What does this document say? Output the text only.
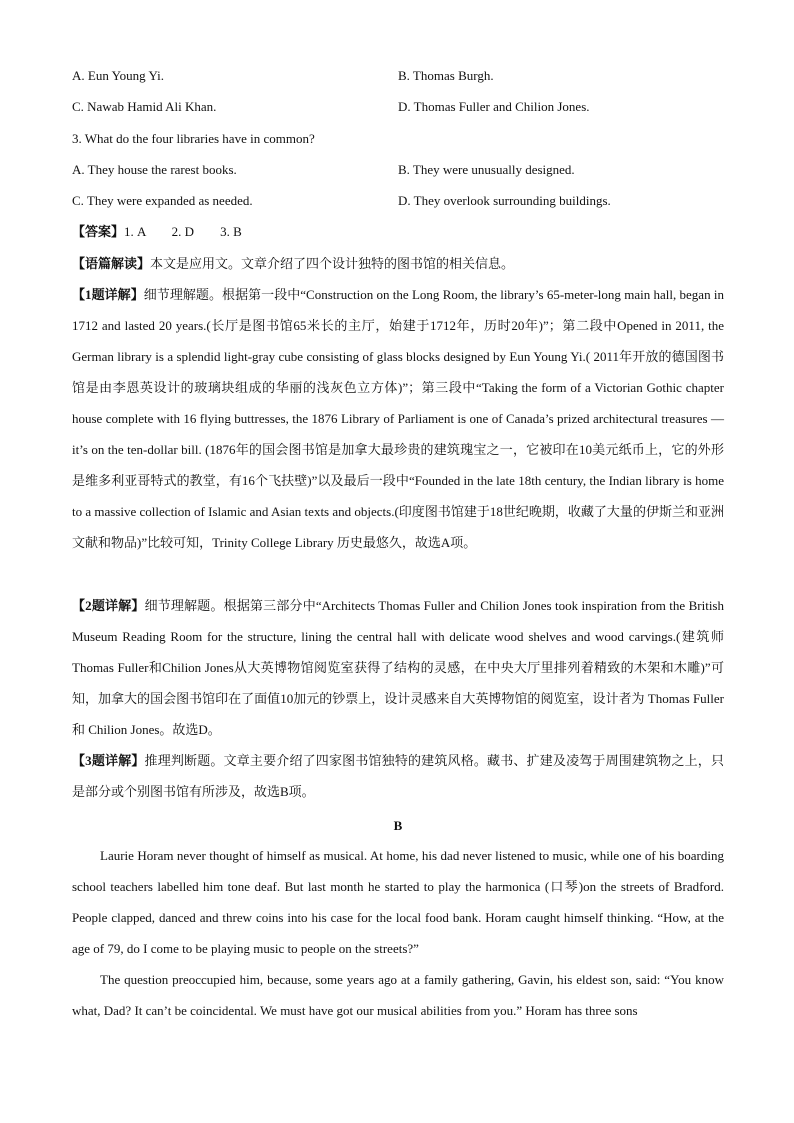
A. Eun Young Yi.	B. Thomas Burgh.
C. Nawab Hamid Ali Khan.	D. Thomas Fuller and Chilion Jones.
3. What do the four libraries have in common?
A. They house the rarest books.	B. They were unusually designed.
C. They were expanded as needed.	D. They overlook surrounding buildings.
【答案】1. A        2. D        3. B
【语篇解读】本文是应用文。文章介绍了四个设计独特的图书馆的相关信息。
【1题详解】细节理解题。根据第一段中“Construction on the Long Room, the library’s 65-meter-long main hall, began in 1712 and lasted 20 years.(长厅是图书馆65米长的主厅，始建于1712年，历时20年)”；第二段中Opened in 2011, the German library is a splendid light-gray cube consisting of glass blocks designed by Eun Young Yi.( 2011年开放的德国图书馆是由李恩英设计的玻璃块组成的华丽的浅灰色立方体)”；第三段中“Taking the form of a Victorian Gothic chapter house complete with 16 flying buttresses, the 1876 Library of Parliament is one of Canada’s prized architectural treasures — it’s on the ten-dollar bill. (1876年的国会图书馆是加拿大最珍贵的建筑瑰宝之一，它被印在10美元纸币上，它的外形是维多利亚哥特式的教堂，有16个飞扶壁)”以及最后一段中“Founded in the late 18th century, the Indian library is home to a massive collection of Islamic and Asian texts and objects.(印度图书馆建于18世纪晚期，收藏了大量的伊斯兰和亚洲文献和物品)”比较可知，Trinity College Library 历史最悠久，故选A项。
【2题详解】细节理解题。根据第三部分中“Architects Thomas Fuller and Chilion Jones took inspiration from the British Museum Reading Room for the structure, lining the central hall with delicate wood shelves and wood carvings.(建筑师Thomas Fuller和Chilion Jones从大英博物馆阅览室获得了结构的灵感，在中央大厅里排列着精致的木架和木雕)”可知，加拿大的国会图书馆印在了面值10加元的钞票上，设计灵感来自大英博物馆的阅览室，设计者为 Thomas Fuller和 Chilion Jones。故选D。
【3题详解】推理判断题。文章主要介绍了四家图书馆独特的建筑风格。藏书、扩建及凌驾于周围建筑物之上，只是部分或个别图书馆有所涉及，故选B项。
B
Laurie Horam never thought of himself as musical. At home, his dad never listened to music, while one of his boarding school teachers labelled him tone deaf. But last month he started to play the harmonica (口琴)on the streets of Bradford. People clapped, danced and threw coins into his case for the local food bank. Horam caught himself thinking. “How, at the age of 79, do I come to be playing music to people on the streets?”
The question preoccupied him, because, some years ago at a family gathering, Gavin, his eldest son, said: “You know what, Dad? It can’t be coincidental. We must have got our musical abilities from you.” Horam has three sons
